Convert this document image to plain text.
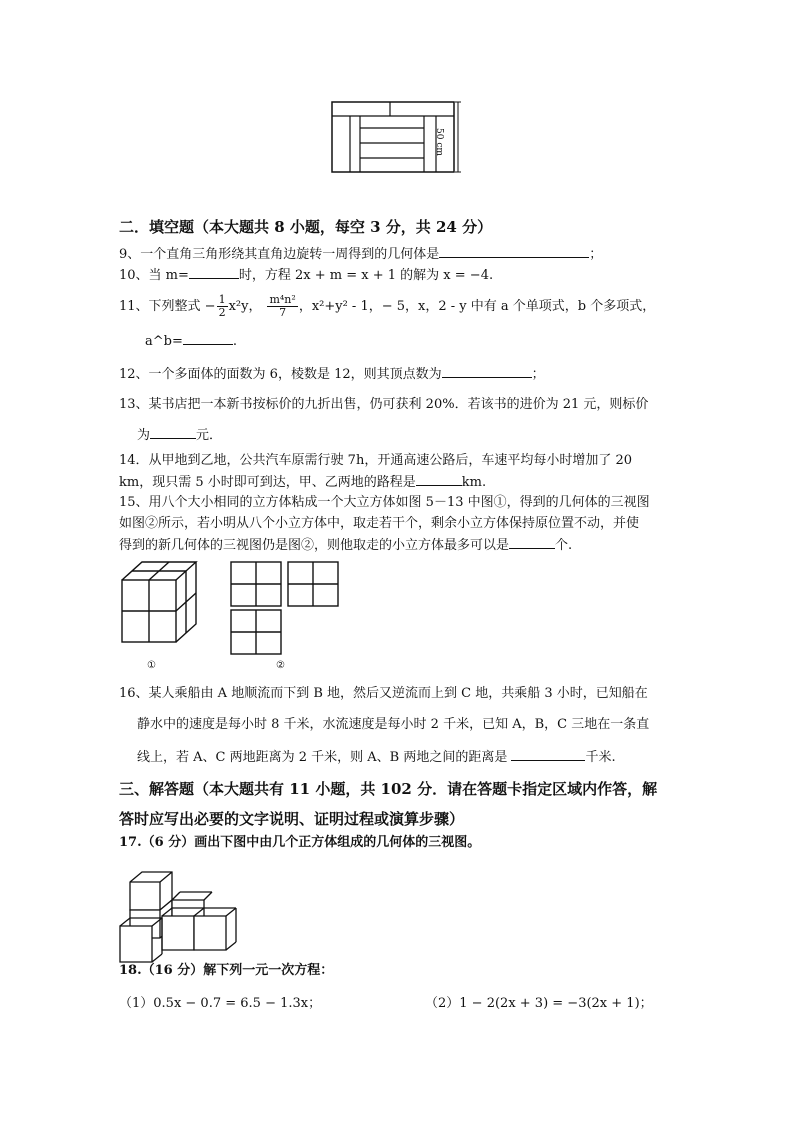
50 cm
二．填空题（本大题共 8 小题，每空 3 分，共 24 分）
9、一个直角三角形绕其直角边旋转一周得到的几何体是	；
10、当 m=	时，方程 2x + m = x + 1 的解为 x = −4.
11、下列整式 − $\frac{1}{2} x^2y$， $\frac{\text{m⁴n²}}{7}$ ，x²+y² - 1，− 5，x，2 - y 中有 a 个单项式，b 个多项式，
a^b=	.
12、一个多面体的面数为 6，棱数是 12，则其顶点数为	；
13、某书店把一本新书按标价的九折出售，仍可获利 20%．若该书的进价为 21 元，则标价
为	元．
14．从甲地到乙地，公共汽车原需行驶 7h，开通高速公路后，车速平均每小时增加了 20
km，现只需 5 小时即可到达，甲、乙两地的路程是	km.
15、用八个大小相同的立方体粘成一个大立方体如图 5－13 中图①，得到的几何体的三视图
如图②所示，若小明从八个小立方体中，取走若干个，剩余小立方体保持原位置不动，并使
得到的新几何体的三视图仍是图②，则他取走的小立方体最多可以是	个.
①	②
16、某人乘船由 A 地顺流而下到 B 地，然后又逆流而上到 C 地，共乘船 3 小时，已知船在
静水中的速度是每小时 8 千米，水流速度是每小时 2 千米，已知 A，B，C 三地在一条直
线上，若 A、C 两地距离为 2 千米，则 A、B 两地之间的距离是	千米.
三、解答题（本大题共有 11 小题，共 102 分．请在答题卡指定区域内作答，解
答时应写出必要的文字说明、证明过程或演算步骤）
17.（6 分）画出下图中由几个正方体组成的几何体的三视图。
18.（16 分）解下列一元一次方程：
（1）0.5x − 0.7 = 6.5 − 1.3x；	（2）1 − 2(2x + 3) = −3(2x + 1)；
